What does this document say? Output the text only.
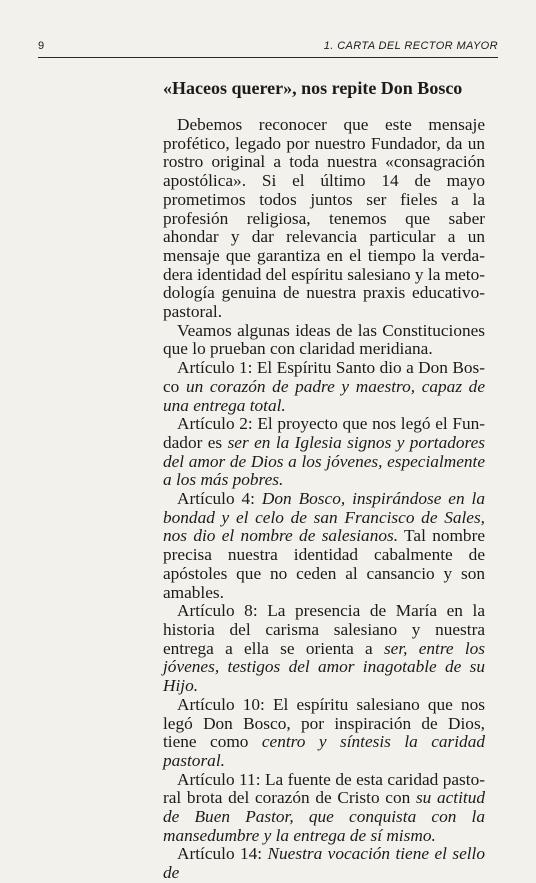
9	1. CARTA DEL RECTOR MAYOR
«Haceos querer», nos repite Don Bosco

Debemos reconocer que este mensaje profético, legado por nuestro Fundador, da un rostro original a toda nuestra «consagración apostólica». Si el último 14 de mayo prometimos todos juntos ser fieles a la profesión religiosa, tenemos que saber ahondar y dar relevancia particular a un mensaje que garantiza en el tiempo la verdadera identidad del espíritu salesiano y la metodología genuina de nuestra praxis educativo-pastoral.

Veamos algunas ideas de las Constituciones que lo prueban con claridad meridiana.

Artículo 1: El Espíritu Santo dio a Don Bosco un corazón de padre y maestro, capaz de una entrega total.

Artículo 2: El proyecto que nos legó el Fundador es ser en la Iglesia signos y portadores del amor de Dios a los jóvenes, especialmente a los más pobres.

Artículo 4: Don Bosco, inspirándose en la bondad y el celo de san Francisco de Sales, nos dio el nombre de salesianos. Tal nombre precisa nuestra identidad cabalmente de apóstoles que no ceden al cansancio y son amables.

Artículo 8: La presencia de María en la historia del carisma salesiano y nuestra entrega a ella se orienta a ser, entre los jóvenes, testigos del amor inagotable de su Hijo.

Artículo 10: El espíritu salesiano que nos legó Don Bosco, por inspiración de Dios, tiene como centro y síntesis la caridad pastoral.

Artículo 11: La fuente de esta caridad pastoral brota del corazón de Cristo con su actitud de Buen Pastor, que conquista con la mansedumbre y la entrega de sí mismo.

Artículo 14: Nuestra vocación tiene el sello de
